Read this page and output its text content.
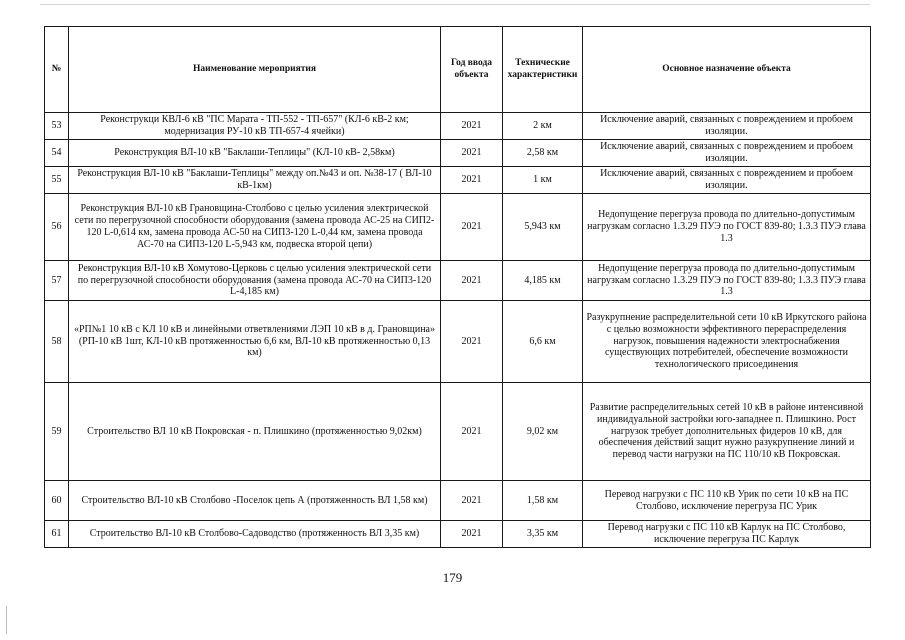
№	Наименование мероприятия	Год ввода объекта	Технические характеристики	Основное назначение объекта
53	Реконструкци КВЛ-6 кВ "ПС Марата - ТП-552 - ТП-657" (КЛ-6 кВ-2 км; модернизация РУ-10 кВ ТП-657-4 ячейки)	2021	2 км	Исключение аварий, связанных с повреждением и пробоем изоляции.
54	Реконструкция ВЛ-10 кВ "Баклаши-Теплицы" (КЛ-10 кВ- 2,58км)	2021	2,58 км	Исключение аварий, связанных с повреждением и пробоем изоляции.
55	Реконструкция ВЛ-10 кВ "Баклаши-Теплицы" между оп.№43 и оп. №38-17 ( ВЛ-10 кВ-1км)	2021	1 км	Исключение аварий, связанных с повреждением и пробоем изоляции.
56	Реконструкция ВЛ-10 кВ Грановщина-Столбово с целью усиления электрической сети по перегрузочной способности оборудования (замена провода АС-25 на СИП2-120 L-0,614 км, замена провода АС-50 на СИП3-120 L-0,44 км, замена провода АС-70 на СИП3-120 L-5,943 км, подвеска второй цепи)	2021	5,943 км	Недопущение перегруза провода по длительно-допустимым нагрузкам согласно 1.3.29 ПУЭ по ГОСТ 839-80; 1.3.3 ПУЭ глава 1.3
57	Реконструкция ВЛ-10 кВ Хомутово-Церковь с целью усиления электрической сети по перегрузочной способности оборудования (замена провода АС-70 на СИП3-120 L-4,185 км)	2021	4,185 км	Недопущение перегруза провода по длительно-допустимым нагрузкам согласно 1.3.29 ПУЭ по ГОСТ 839-80; 1.3.3 ПУЭ глава 1.3
58	«РП№1 10 кВ с КЛ 10 кВ и линейными ответвлениями ЛЭП 10 кВ в д. Грановщина» (РП-10 кВ 1шт, КЛ-10 кВ протяженностью 6,6 км, ВЛ-10 кВ протяженностью 0,13 км)	2021	6,6 км	Разукрупнение распределительной сети 10 кВ Иркутского района с целью возможности эффективного перераспределения нагрузок, повышения надежности электроснабжения существующих потребителей, обеспечение возможности технологического присоединения
59	Строительство ВЛ 10 кВ Покровская - п. Плишкино (протяженностью 9,02км)	2021	9,02 км	Развитие распределительных сетей 10 кВ в районе интенсивной индивидуальной застройки юго-западнее п. Плишкино. Рост нагрузок требует дополнительных фидеров 10 кВ, для обеспечения действий защит нужно разукрупнение линий и перевод части нагрузки на ПС 110/10 кВ Покровская.
60	Строительство ВЛ-10 кВ Столбово -Поселок цепь А (протяженность ВЛ 1,58 км)	2021	1,58 км	Перевод нагрузки с ПС 110 кВ Урик по сети 10 кВ на ПС Столбово, исключение перегруза ПС Урик
61	Строительство ВЛ-10 кВ Столбово-Садоводство (протяженность ВЛ 3,35 км)	2021	3,35 км	Перевод нагрузки с ПС 110 кВ Карлук на ПС Столбово, исключение перегруза ПС Карлук
179
